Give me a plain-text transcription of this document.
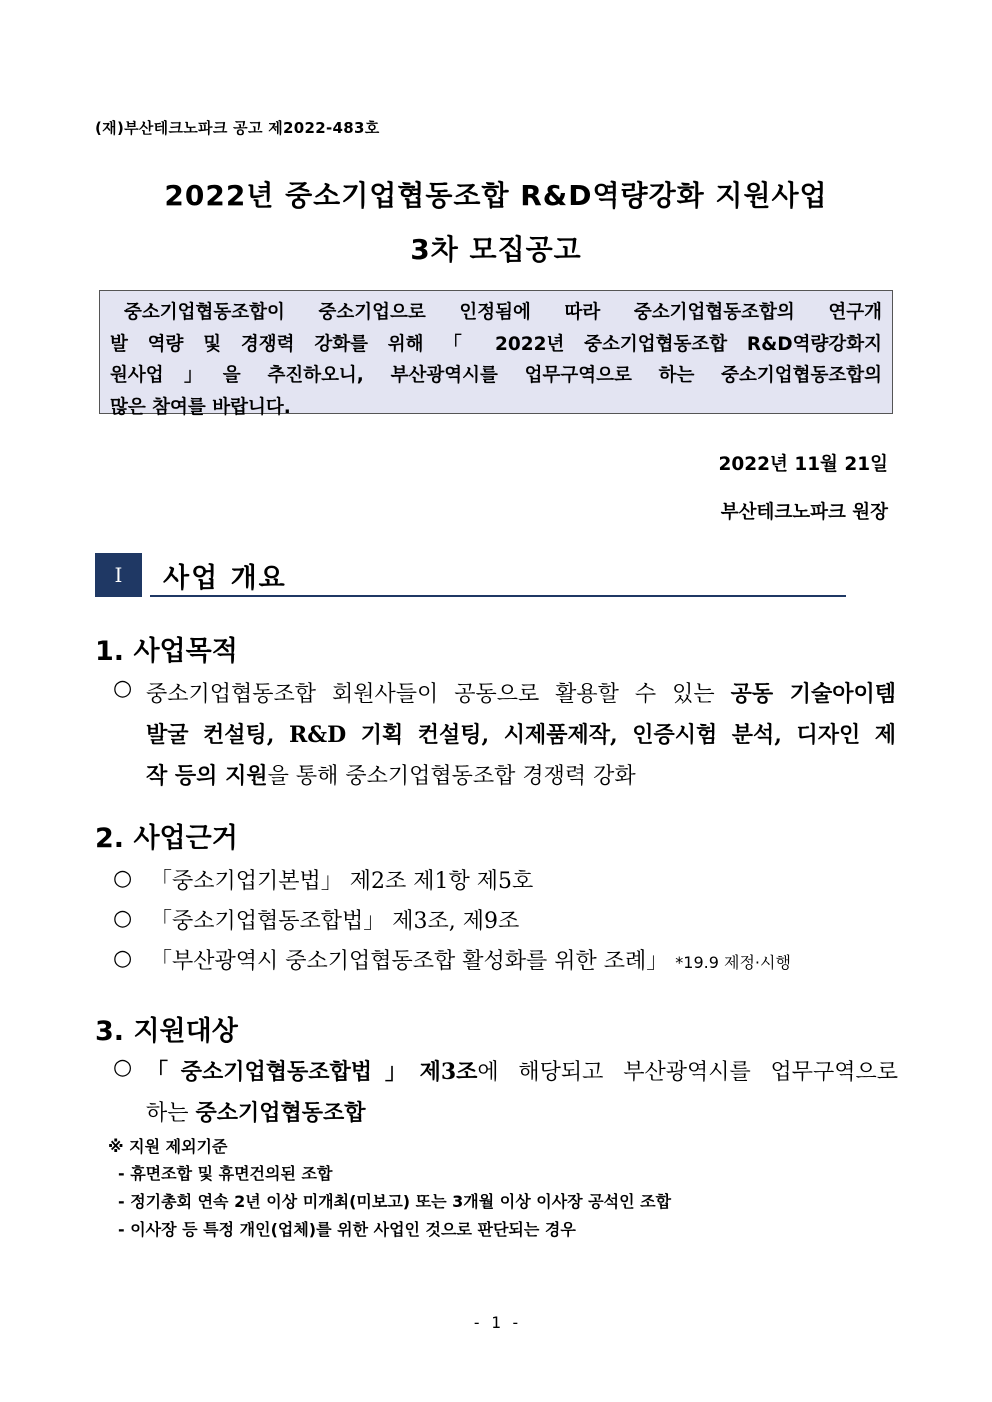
(재)부산테크노파크 공고 제2022-483호
2022년 중소기업협동조합 R&D역량강화 지원사업
3차 모집공고
중소기업협동조합이 중소기업으로 인정됨에 따라 중소기업협동조합의 연구개
발 역량 및 경쟁력 강화를 위해 「 2022년 중소기업협동조합 R&D역량강화지
원사업」을 추진하오니, 부산광역시를 업무구역으로 하는 중소기업협동조합의
많은 참여를 바랍니다.
2022년 11월 21일
부산테크노파크 원장
Ⅰ	사업 개요
1. 사업목적
○ 중소기업협동조합 회원사들이 공동으로 활용할 수 있는 공동 기술아이템
발굴 컨설팅, R&D 기획 컨설팅, 시제품제작, 인증시험 분석, 디자인 제
작 등의 지원을 통해 중소기업협동조합 경쟁력 강화
2. 사업근거
○ 「중소기업기본법」 제2조 제1항 제5호
○ 「중소기업협동조합법」 제3조, 제9조
○ 「부산광역시 중소기업협동조합 활성화를 위한 조례」 *19.9 제정·시행
3. 지원대상
○ 「중소기업협동조합법」제3조에 해당되고 부산광역시를 업무구역으로
하는 중소기업협동조합
※ 지원 제외기준
- 휴면조합 및 휴면건의된 조합
- 정기총회 연속 2년 이상 미개최(미보고) 또는 3개월 이상 이사장 공석인 조합
- 이사장 등 특정 개인(업체)를 위한 사업인 것으로 판단되는 경우
- 1 -
